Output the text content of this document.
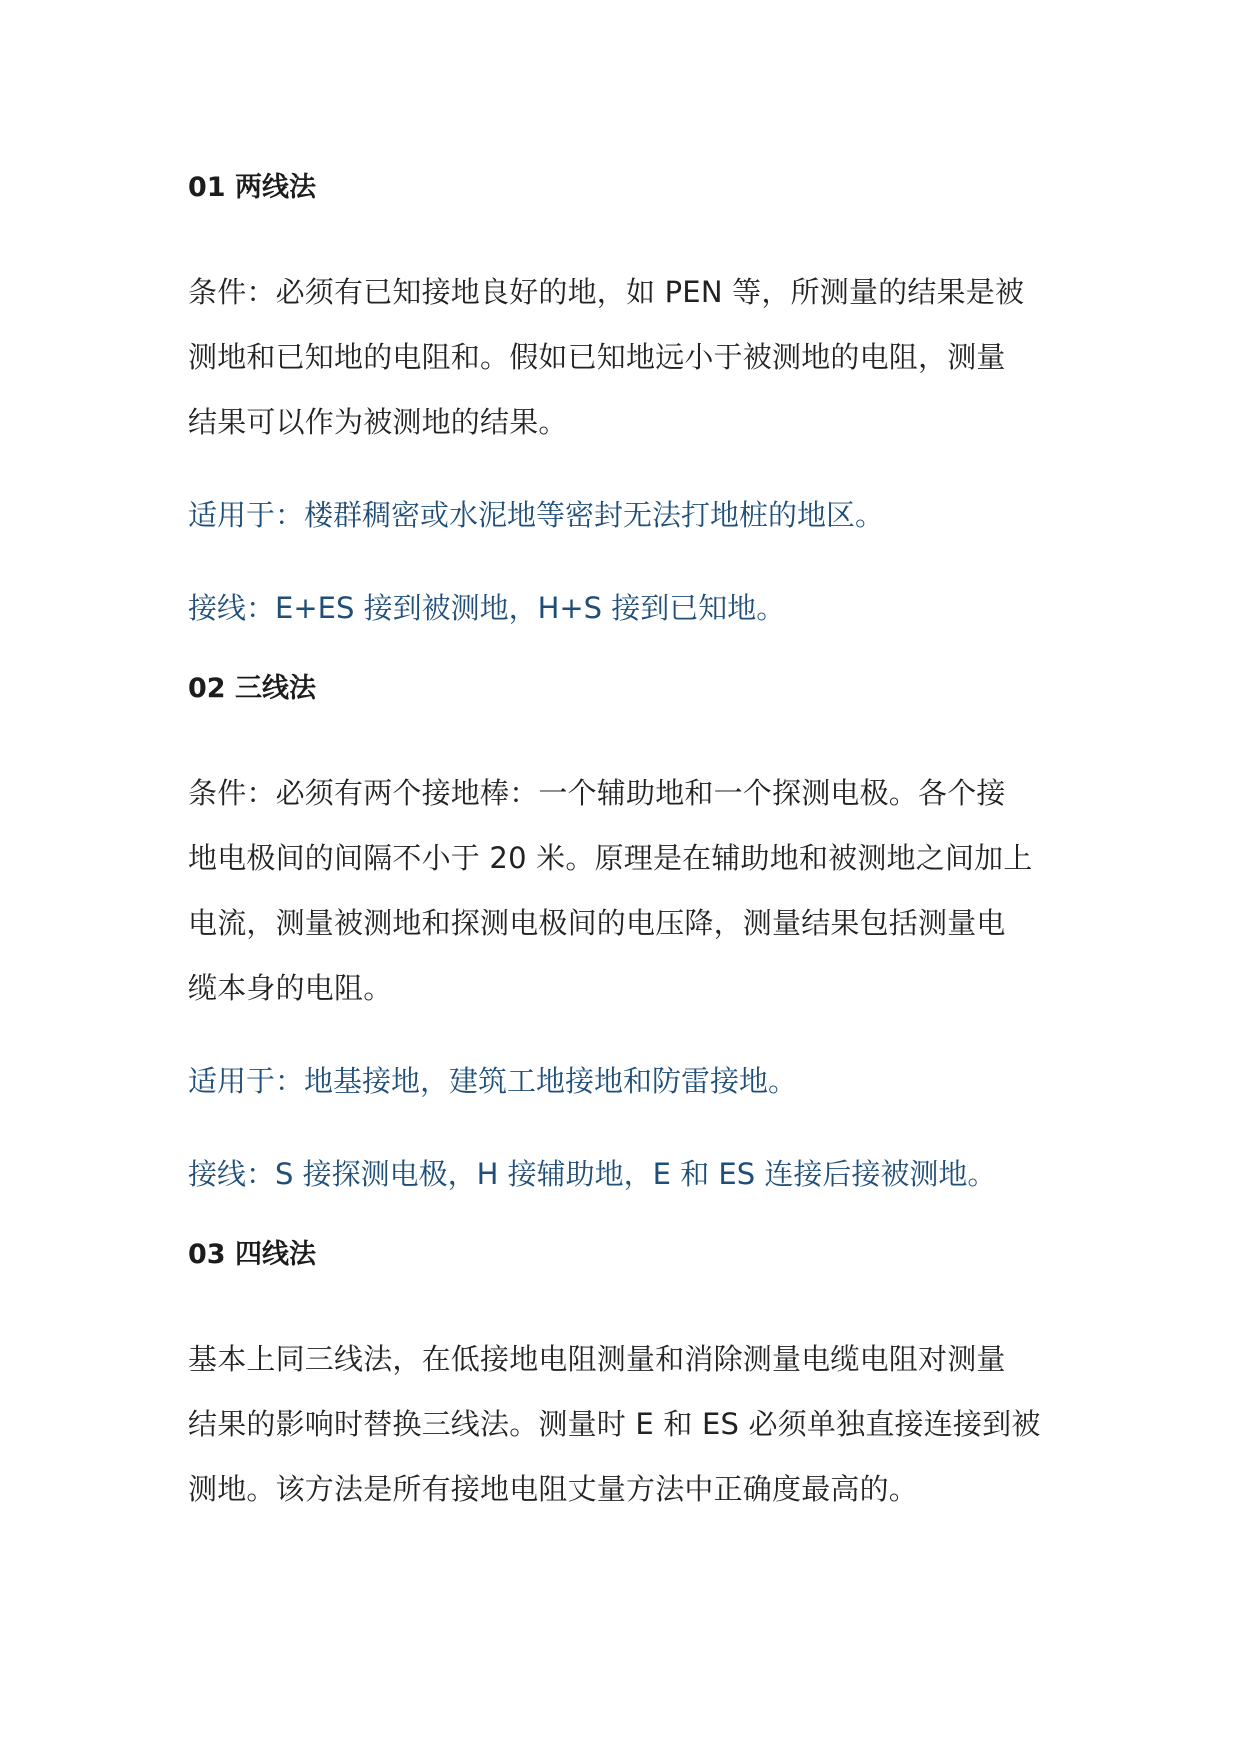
01 两线法
条件：必须有已知接地良好的地，如 PEN 等，所测量的结果是被
测地和已知地的电阻和。假如已知地远小于被测地的电阻，测量
结果可以作为被测地的结果。
适用于：楼群稠密或水泥地等密封无法打地桩的地区。
接线：E+ES 接到被测地，H+S 接到已知地。
02 三线法
条件：必须有两个接地棒：一个辅助地和一个探测电极。各个接
地电极间的间隔不小于 20 米。原理是在辅助地和被测地之间加上
电流，测量被测地和探测电极间的电压降，测量结果包括测量电
缆本身的电阻。
适用于：地基接地，建筑工地接地和防雷接地。
接线：S 接探测电极，H 接辅助地，E 和 ES 连接后接被测地。
03 四线法
基本上同三线法，在低接地电阻测量和消除测量电缆电阻对测量
结果的影响时替换三线法。测量时 E 和 ES 必须单独直接连接到被
测地。该方法是所有接地电阻丈量方法中正确度最高的。
